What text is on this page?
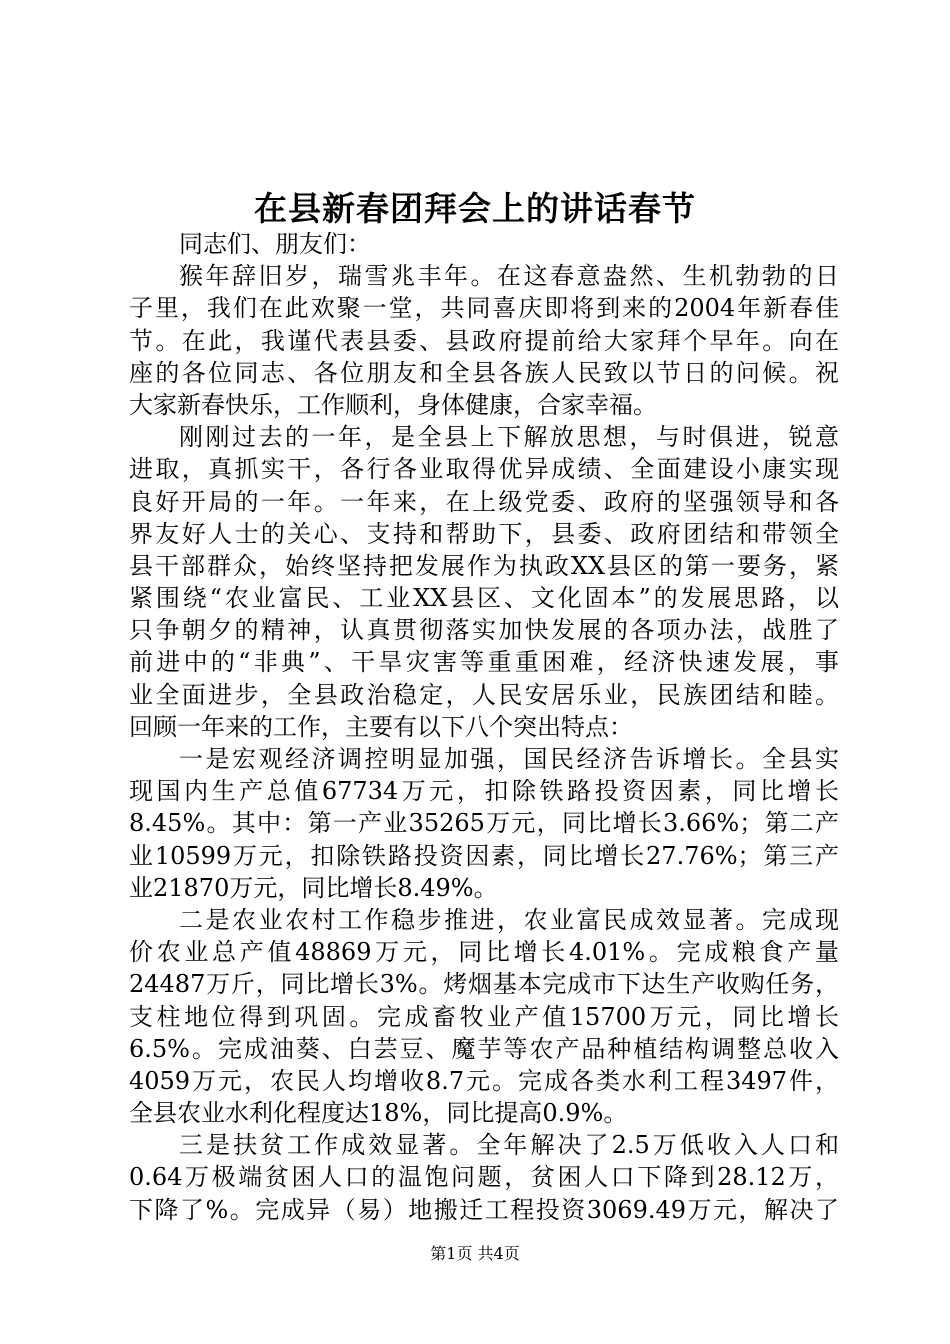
在县新春团拜会上的讲话春节
同志们、朋友们：
猴年辞旧岁，瑞雪兆丰年。在这春意盎然、生机勃勃的日
子里，我们在此欢聚一堂，共同喜庆即将到来的2004年新春佳
节。在此，我谨代表县委、县政府提前给大家拜个早年。向在
座的各位同志、各位朋友和全县各族人民致以节日的问候。祝
大家新春快乐，工作顺利，身体健康，合家幸福。
刚刚过去的一年，是全县上下解放思想，与时俱进，锐意
进取，真抓实干，各行各业取得优异成绩、全面建设小康实现
良好开局的一年。一年来，在上级党委、政府的坚强领导和各
界友好人士的关心、支持和帮助下，县委、政府团结和带领全
县干部群众，始终坚持把发展作为执政XX县区的第一要务，紧
紧围绕“农业富民、工业XX县区、文化固本”的发展思路，以
只争朝夕的精神，认真贯彻落实加快发展的各项办法，战胜了
前进中的“非典”、干旱灾害等重重困难，经济快速发展，事
业全面进步，全县政治稳定，人民安居乐业，民族团结和睦。
回顾一年来的工作，主要有以下八个突出特点：
一是宏观经济调控明显加强，国民经济告诉增长。全县实
现国内生产总值67734万元，扣除铁路投资因素，同比增长
8.45%。其中：第一产业35265万元，同比增长3.66%；第二产
业10599万元，扣除铁路投资因素，同比增长27.76%；第三产
业21870万元，同比增长8.49%。
二是农业农村工作稳步推进，农业富民成效显著。完成现
价农业总产值48869万元，同比增长4.01%。完成粮食产量
24487万斤，同比增长3%。烤烟基本完成市下达生产收购任务，
支柱地位得到巩固。完成畜牧业产值15700万元，同比增长
6.5%。完成油葵、白芸豆、魔芋等农产品种植结构调整总收入
4059万元，农民人均增收8.7元。完成各类水利工程3497件，
全县农业水利化程度达18%，同比提高0.9%。
三是扶贫工作成效显著。全年解决了2.5万低收入人口和
0.64万极端贫困人口的温饱问题，贫困人口下降到28.12万，
下降了%。完成异（易）地搬迁工程投资3069.49万元，解决了
第1页 共4页
